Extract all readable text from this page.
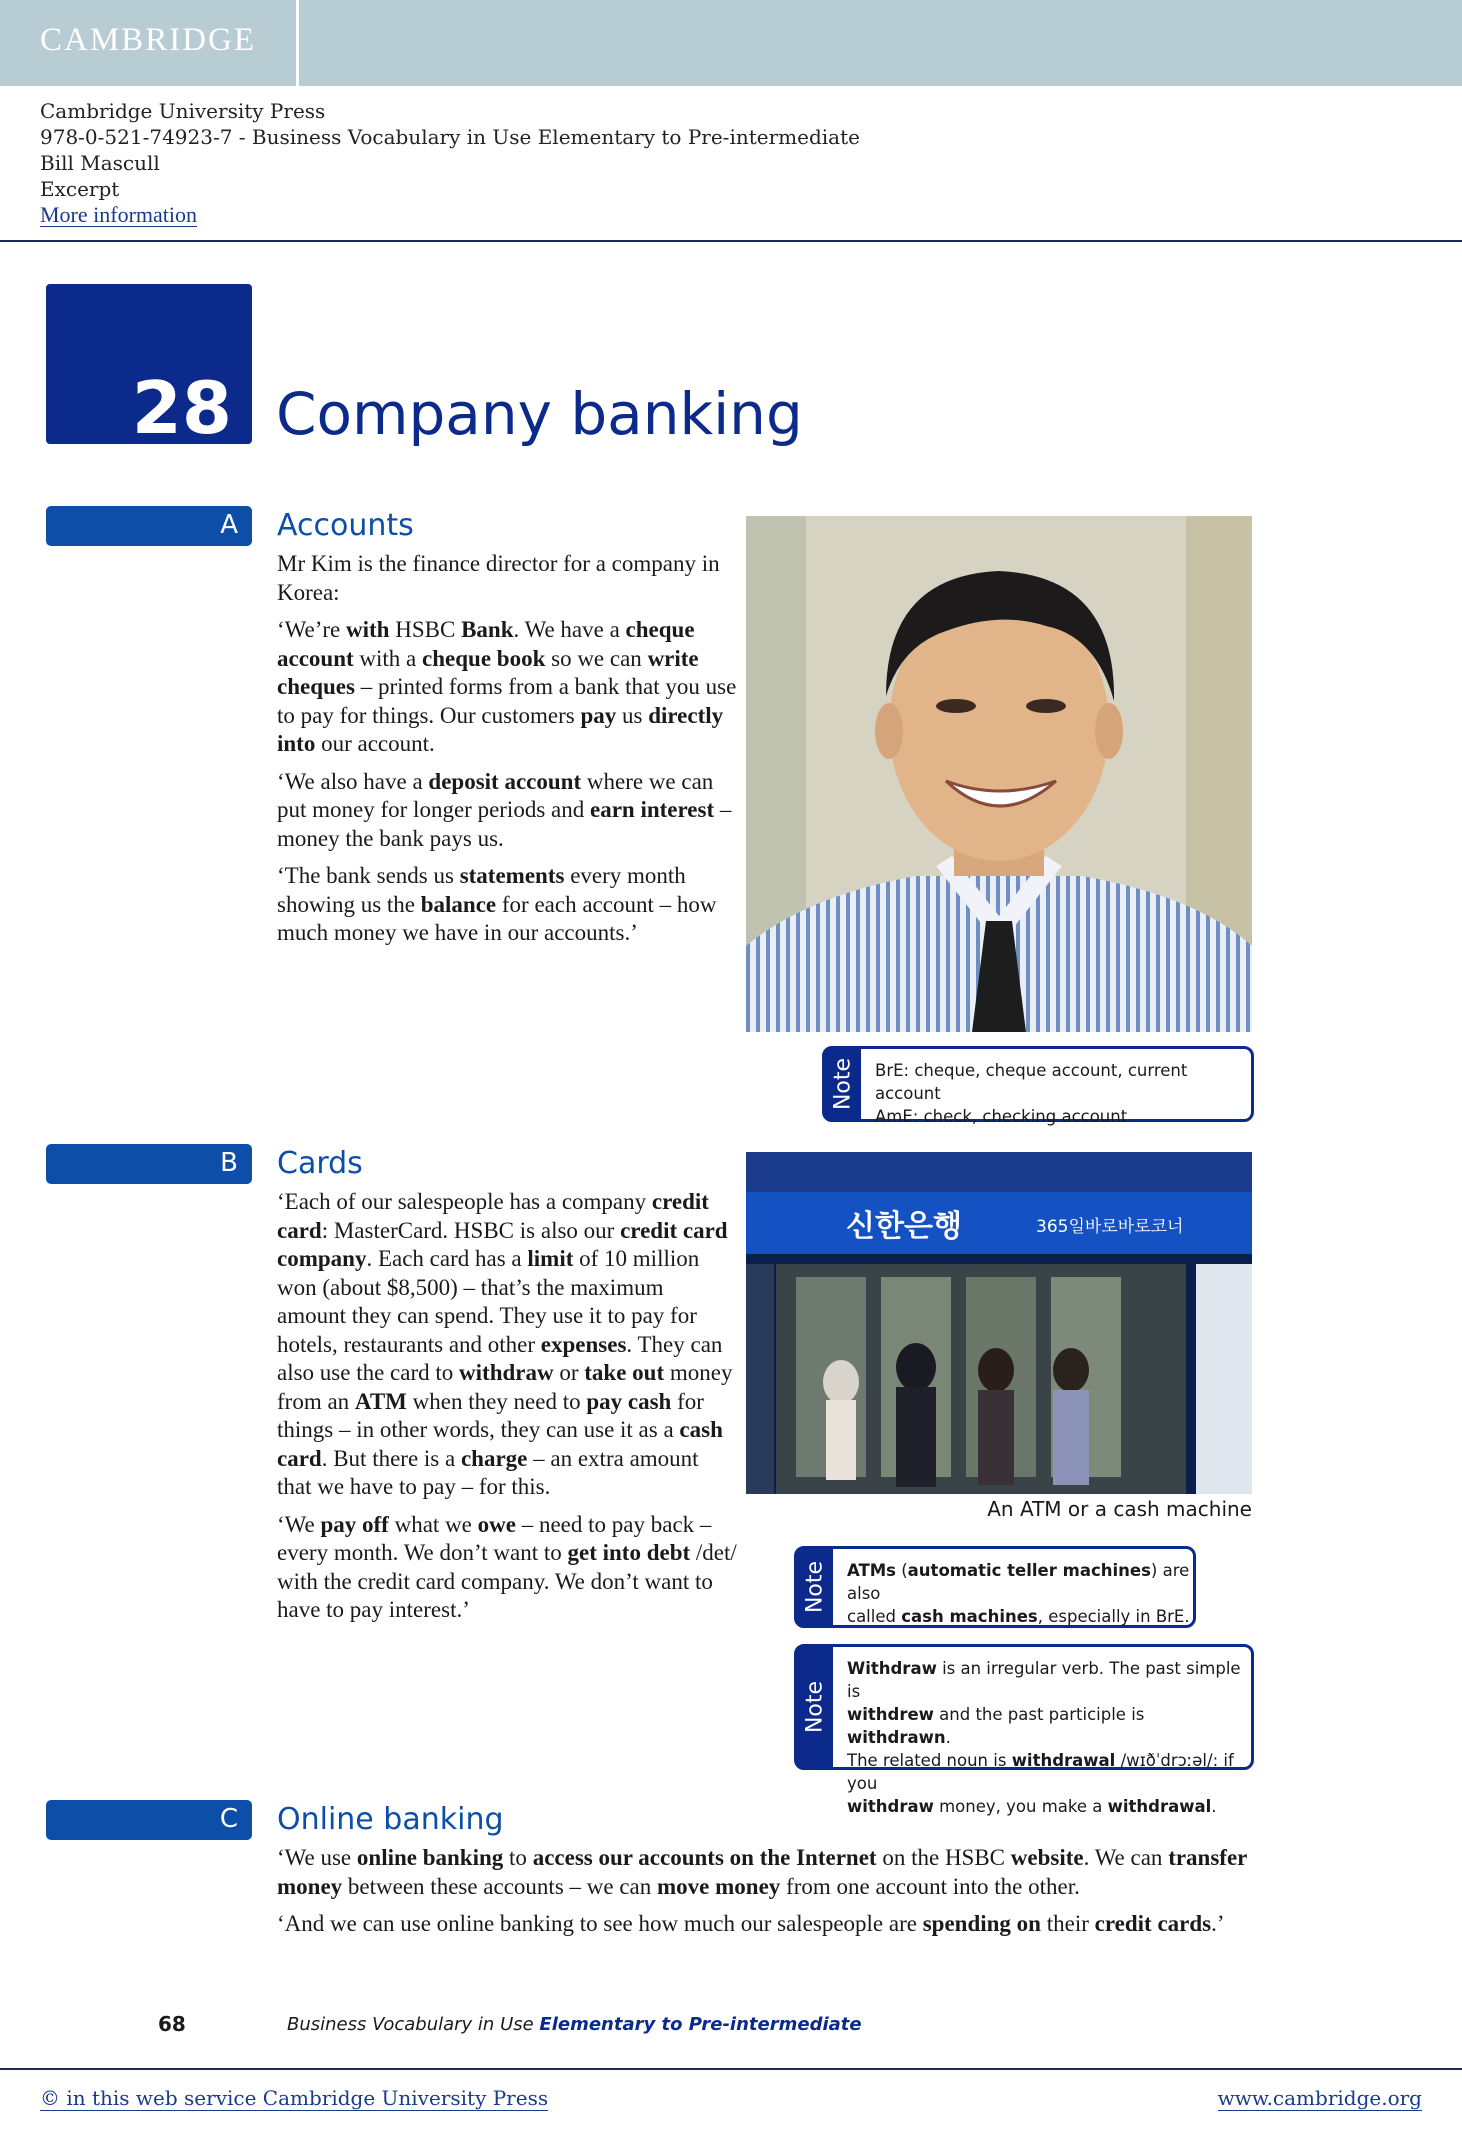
CAMBRIDGE
Cambridge University Press
978-0-521-74923-7 - Business Vocabulary in Use Elementary to Pre-intermediate
Bill Mascull
Excerpt
More information
28 Company banking
A Accounts

Mr Kim is the finance director for a company in Korea:

‘We’re with HSBC Bank. We have a cheque account with a cheque book so we can write cheques – printed forms from a bank that you use to pay for things. Our customers pay us directly into our account.

‘We also have a deposit account where we can put money for longer periods and earn interest – money the bank pays us.

‘The bank sends us statements every month showing us the balance for each account – how much money we have in our accounts.’

Note BrE: cheque, cheque account, current account
AmE: check, checking account
B Cards

‘Each of our salespeople has a company credit card: MasterCard. HSBC is also our credit card company. Each card has a limit of 10 million won (about $8,500) – that’s the maximum amount they can spend. They use it to pay for hotels, restaurants and other expenses. They can also use the card to withdraw or take out money from an ATM when they need to pay cash for things – in other words, they can use it as a cash card. But there is a charge – an extra amount that we have to pay – for this.

‘We pay off what we owe – need to pay back – every month. We don’t want to get into debt /det/ with the credit card company. We don’t want to have to pay interest.’

신한은행	365일바로바로코너
An ATM or a cash machine
Note ATMs (automatic teller machines) are also
called cash machines, especially in BrE.
Note
Withdraw is an irregular verb. The past simple is
withdrew and the past participle is withdrawn.
The related noun is withdrawal /wɪðˈdrɔːəl/: if you
withdraw money, you make a withdrawal.
C Online banking

‘We use online banking to access our accounts on the Internet on the HSBC website. We can transfer money between these accounts – we can move money from one account into the other.

‘And we can use online banking to see how much our salespeople are spending on their credit cards.’

68	Business Vocabulary in Use Elementary to Pre-intermediate
© in this web service Cambridge University Press	www.cambridge.org
